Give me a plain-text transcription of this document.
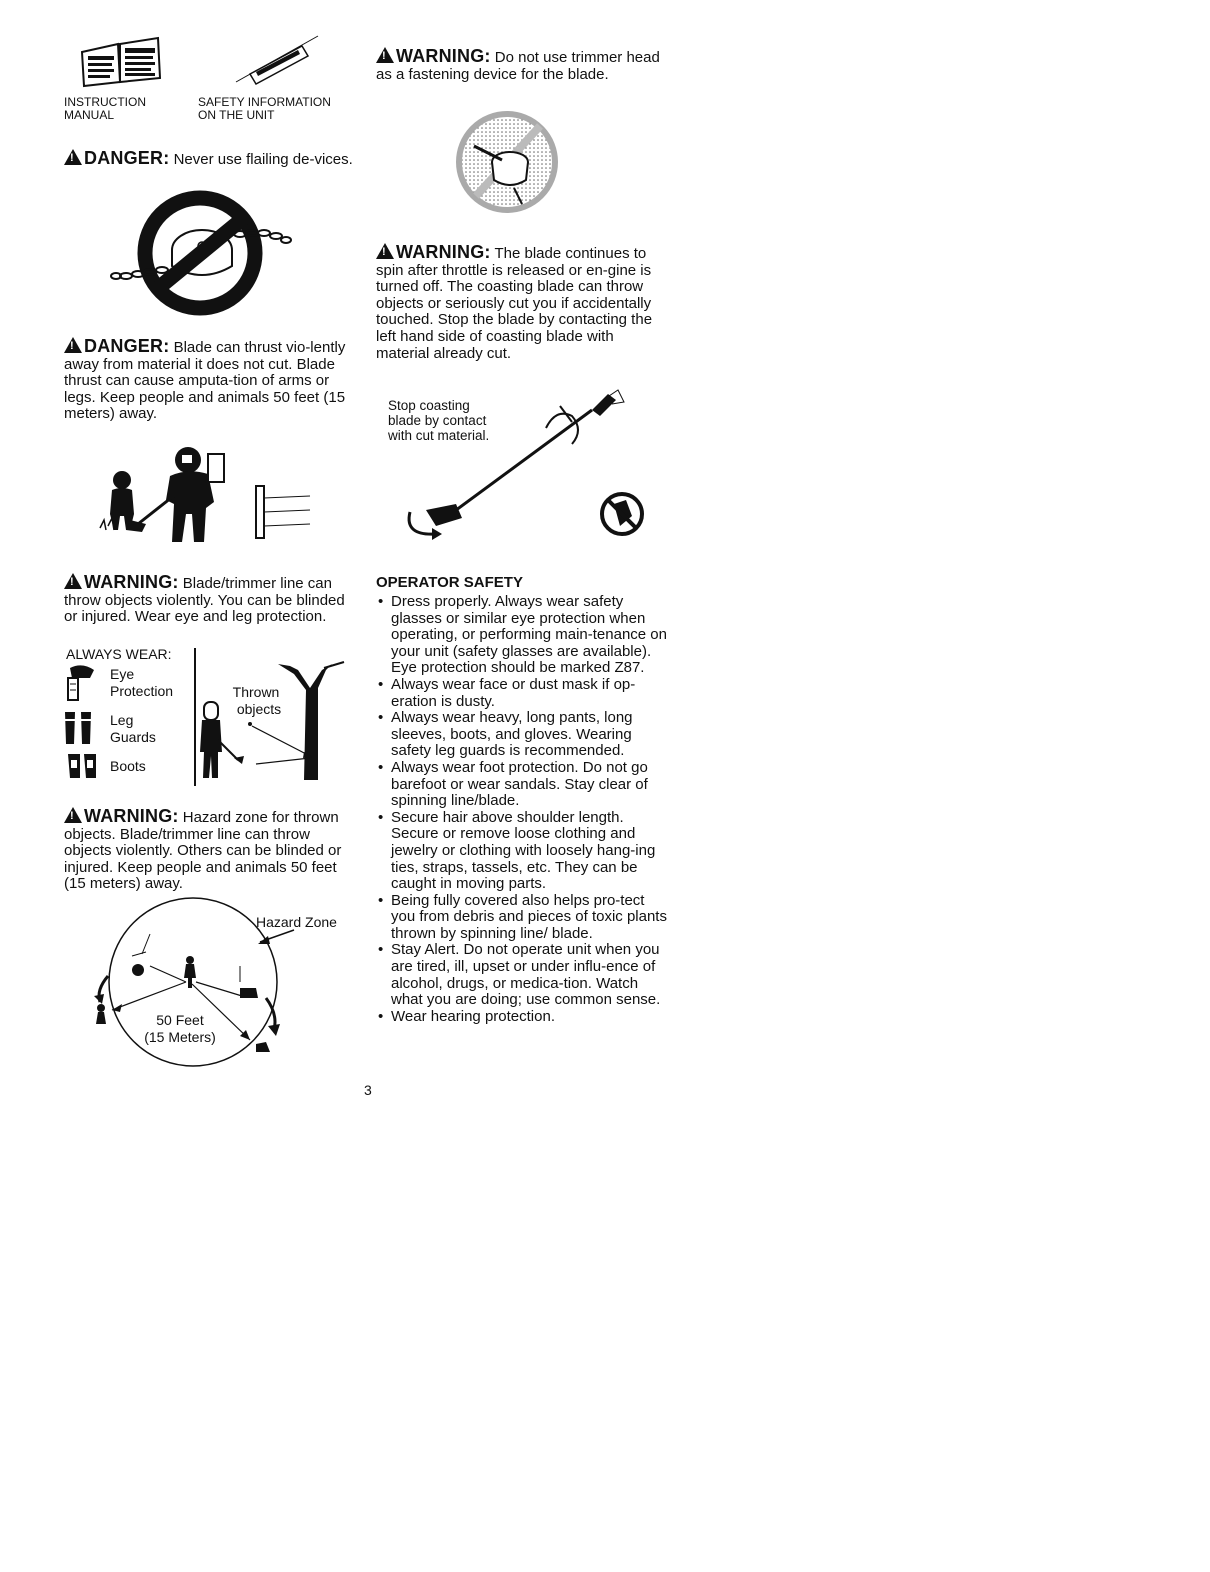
INSTRUCTION
MANUAL
SAFETY INFORMATION
ON THE UNIT
!DANGER: Never use flailing de-vices.
!DANGER: Blade can thrust vio-lently away from material it does not cut. Blade thrust can cause amputa-tion of arms or legs. Keep people and animals 50 feet (15 meters) away.
!WARNING: Blade/trimmer line can throw objects violently. You can be blinded or injured. Wear eye and leg protection.
ALWAYS WEAR:
Eye
Protection
Leg
Guards
Boots
Thrown
objects
!WARNING: Hazard zone for thrown objects. Blade/trimmer line can throw objects violently. Others can be blinded or injured. Keep people and animals 50 feet (15 meters) away.
Hazard Zone
50 Feet
(15 Meters)
!WARNING: Do not use trimmer head as a fastening device for the blade.
!WARNING: The blade continues to spin after throttle is released or en-gine is turned off. The coasting blade can throw objects or seriously cut you if accidentally touched. Stop the blade by contacting the left hand side of coasting blade with material already cut.
Stop coasting
blade by contact
with cut material.
OPERATOR SAFETY
• Dress properly. Always wear safety glasses or similar eye protection when operating, or performing main-tenance on your unit (safety glasses are available). Eye protection should be marked Z87.
• Always wear face or dust mask if op-eration is dusty.
• Always wear heavy, long pants, long sleeves, boots, and gloves. Wearing safety leg guards is recommended.
• Always wear foot protection. Do not go barefoot or wear sandals. Stay clear of spinning line/blade.
• Secure hair above shoulder length. Secure or remove loose clothing and jewelry or clothing with loosely hang-ing ties, straps, tassels, etc. They can be caught in moving parts.
• Being fully covered also helps pro-tect you from debris and pieces of toxic plants thrown by spinning line/ blade.
• Stay Alert. Do not operate unit when you are tired, ill, upset or under influ-ence of alcohol, drugs, or medica-tion. Watch what you are doing; use common sense.
• Wear hearing protection.
3
